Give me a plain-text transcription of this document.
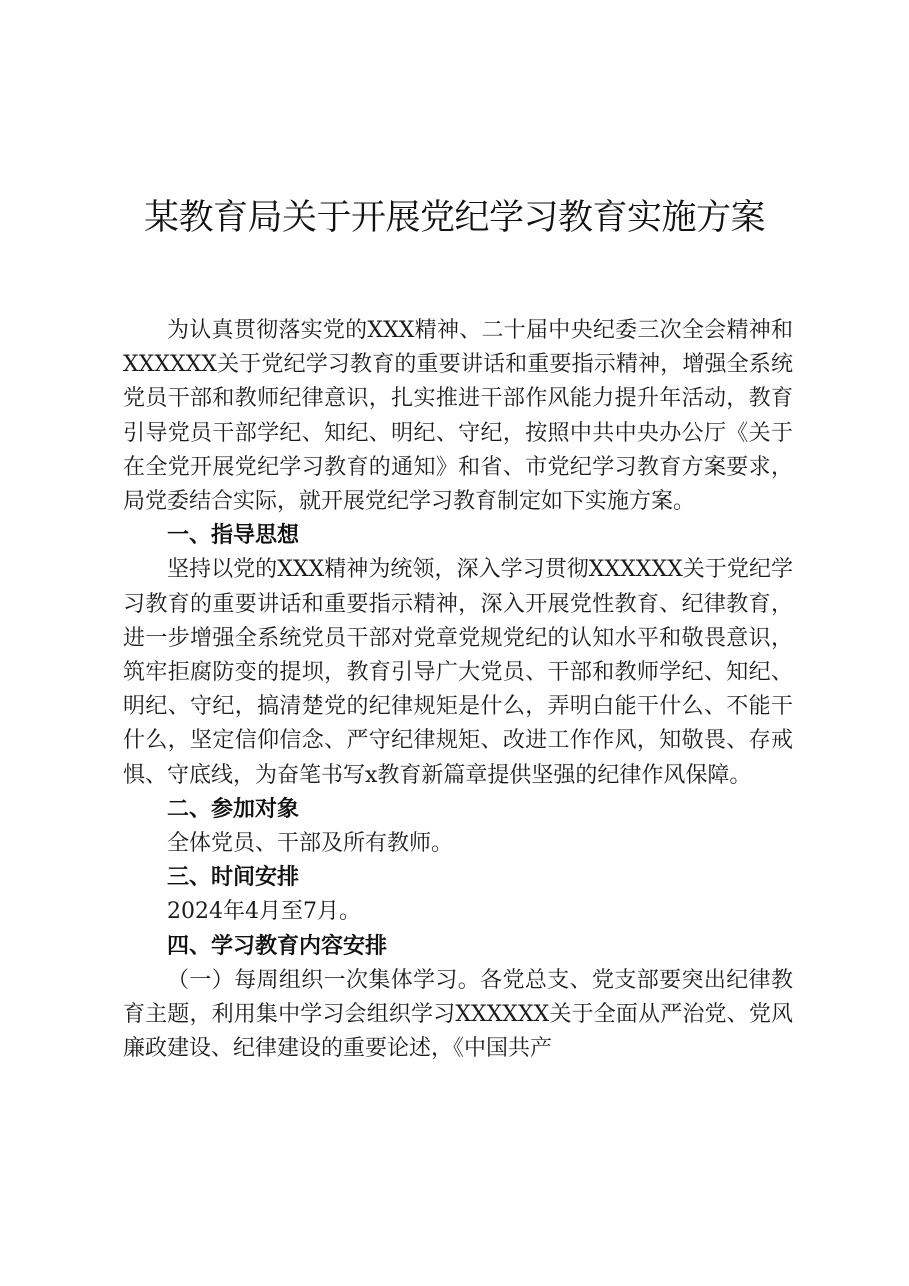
某教育局关于开展党纪学习教育实施方案

为认真贯彻落实党的XXX精神、二十届中央纪委三次全会精神和XXXXXX关于党纪学习教育的重要讲话和重要指示精神，增强全系统党员干部和教师纪律意识，扎实推进干部作风能力提升年活动，教育引导党员干部学纪、知纪、明纪、守纪，按照中共中央办公厅《关于在全党开展党纪学习教育的通知》和省、市党纪学习教育方案要求，局党委结合实际，就开展党纪学习教育制定如下实施方案。

一、指导思想

坚持以党的XXX精神为统领，深入学习贯彻XXXXXX关于党纪学习教育的重要讲话和重要指示精神，深入开展党性教育、纪律教育，进一步增强全系统党员干部对党章党规党纪的认知水平和敬畏意识，筑牢拒腐防变的提坝，教育引导广大党员、干部和教师学纪、知纪、明纪、守纪，搞清楚党的纪律规矩是什么，弄明白能干什么、不能干什么，坚定信仰信念、严守纪律规矩、改进工作作风，知敬畏、存戒惧、守底线，为奋笔书写x教育新篇章提供坚强的纪律作风保障。

二、参加对象

全体党员、干部及所有教师。

三、时间安排

2024年4月至7月。

四、学习教育内容安排

（一）每周组织一次集体学习。各党总支、党支部要突出纪律教育主题，利用集中学习会组织学习XXXXXX关于全面从严治党、党风廉政建设、纪律建设的重要论述，《中国共产
